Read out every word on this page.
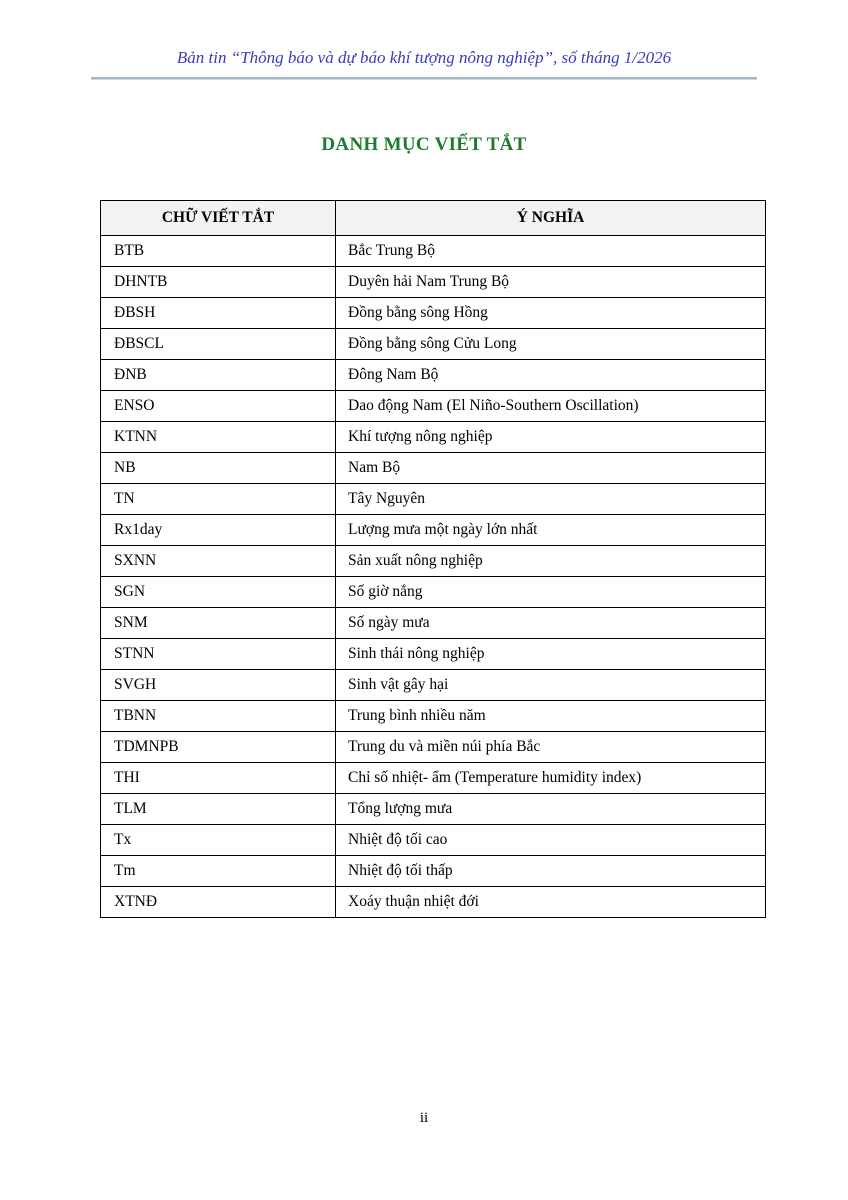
Bản tin “Thông báo và dự báo khí tượng nông nghiệp”, số tháng 1/2026
DANH MỤC VIẾT TẮT
CHỮ VIẾT TẮT	Ý NGHĨA
BTB	Bắc Trung Bộ
DHNTB	Duyên hải Nam Trung Bộ
ĐBSH	Đồng bằng sông Hồng
ĐBSCL	Đồng bằng sông Cửu Long
ĐNB	Đông Nam Bộ
ENSO	Dao động Nam (El Niño-Southern Oscillation)
KTNN	Khí tượng nông nghiệp
NB	Nam Bộ
TN	Tây Nguyên
Rx1day	Lượng mưa một ngày lớn nhất
SXNN	Sản xuất nông nghiệp
SGN	Số giờ nắng
SNM	Số ngày mưa
STNN	Sinh thái nông nghiệp
SVGH	Sinh vật gây hại
TBNN	Trung bình nhiều năm
TDMNPB	Trung du và miền núi phía Bắc
THI	Chỉ số nhiệt- ẩm (Temperature humidity index)
TLM	Tổng lượng mưa
Tx	Nhiệt độ tối cao
Tm	Nhiệt độ tối thấp
XTNĐ	Xoáy thuận nhiệt đới
ii
